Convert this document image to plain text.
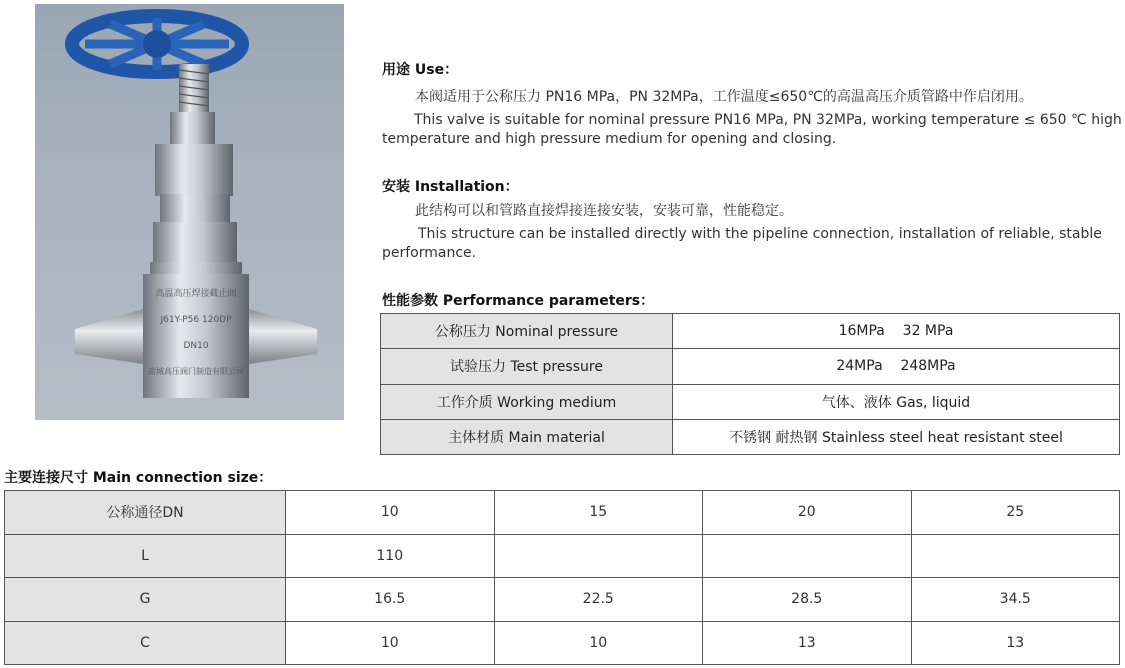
高温高压焊接截止阀
J61Y-P56 120DP
DN10
盐城高压阀门制造有限公司
用途 Use：
本阀适用于公称压力 PN16 MPa，PN 32MPa，工作温度≤650℃的高温高压介质管路中作启闭用。
This valve is suitable for nominal pressure PN16 MPa, PN 32MPa, working temperature ≤ 650 ℃ high temperature and high pressure medium for opening and closing.
安装 Installation：
此结构可以和管路直接焊接连接安装，安装可靠，性能稳定。
This structure can be installed directly with the pipeline connection, installation of reliable, stable performance.
性能参数 Performance parameters：
公称压力 Nominal pressure	16MPa    32 MPa
试验压力 Test pressure	24MPa    248MPa
工作介质 Working medium	气体、液体 Gas, liquid
主体材质 Main material	不锈钢 耐热钢 Stainless steel heat resistant steel
主要连接尺寸 Main connection size：
公称通径DN	10	15	20	25
L	110			
G	16.5	22.5	28.5	34.5
C	10	10	13	13
